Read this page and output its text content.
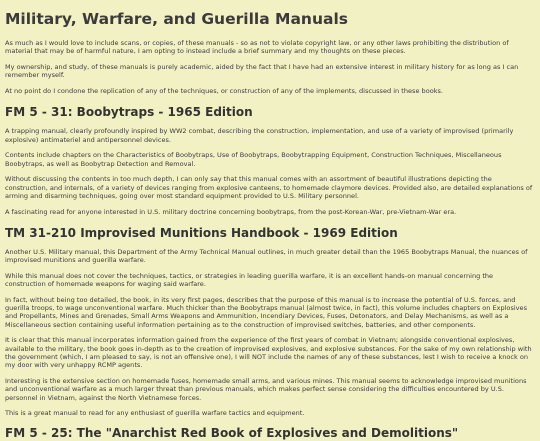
Military, Warfare, and Guerilla Manuals

As much as I would love to include scans, or copies, of these manuals - so as not to violate copyright law, or any other laws prohibiting the distribution of material that may be of harmful nature, I am opting to instead include a brief summary and my thoughts on these pieces.

My ownership, and study, of these manuals is purely academic, aided by the fact that I have had an extensive interest in military history for as long as I can remember myself.

At no point do I condone the replication of any of the techniques, or construction of any of the implements, discussed in these books.

FM 5 - 31: Boobytraps - 1965 Edition

A trapping manual, clearly profoundly inspired by WW2 combat, describing the construction, implementation, and use of a variety of improvised (primarily explosive) antimateriel and antipersonnel devices.

Contents include chapters on the Characteristics of Boobytraps, Use of Boobytraps, Boobytrapping Equipment, Construction Techniques, Miscellaneous Boobytraps, as well as Boobytrap Detection and Removal.

Without discussing the contents in too much depth, I can only say that this manual comes with an assortment of beautiful illustrations depicting the construction, and internals, of a variety of devices ranging from explosive canteens, to homemade claymore devices. Provided also, are detailed explanations of arming and disarming techniques, going over most standard equipment provided to U.S. Military personnel.

A fascinating read for anyone interested in U.S. military doctrine concerning boobytraps, from the post-Korean-War, pre-Vietnam-War era.

TM 31-210 Improvised Munitions Handbook - 1969 Edition

Another U.S. Military manual, this Department of the Army Technical Manual outlines, in much greater detail than the 1965 Boobytraps Manual, the nuances of improvised munitions and guerilla warfare.

While this manual does not cover the techniques, tactics, or strategies in leading guerilla warfare, it is an excellent hands-on manual concerning the construction of homemade weapons for waging said warfare.

In fact, without being too detailed, the book, in its very first pages, describes that the purpose of this manual is to increase the potential of U.S. forces, and guerilla troops, to wage unconventional warfare. Much thicker than the Boobytraps manual (almost twice, in fact), this volume includes chapters on Explosives and Propellants, Mines and Grenades, Small Arms Weapons and Ammunition, Incendiary Devices, Fuses, Detonators, and Delay Mechanisms, as well as a Miscellaneous section containing useful information pertaining as to the construction of improvised switches, batteries, and other components.

It is clear that this manual incorporates information gained from the experience of the first years of combat in Vietnam; alongside conventional explosives, available to the military, the book goes in-depth as to the creation of improvised explosives, and explosive substances. For the sake of my own relationship with the government (which, I am pleased to say, is not an offensive one), I will NOT include the names of any of these substances, lest I wish to receive a knock on my door with very unhappy RCMP agents.

Interesting is the extensive section on homemade fuses, homemade small arms, and various mines. This manual seems to acknowledge improvised munitions and unconventional warfare as a much larger threat than previous manuals, which makes perfect sense considering the difficulties encountered by U.S. personnel in Vietnam, against the North Vietnamese forces.

This is a great manual to read for any enthusiast of guerilla warfare tactics and equipment.

FM 5 - 25: The "Anarchist Red Book of Explosives and Demolitions"
